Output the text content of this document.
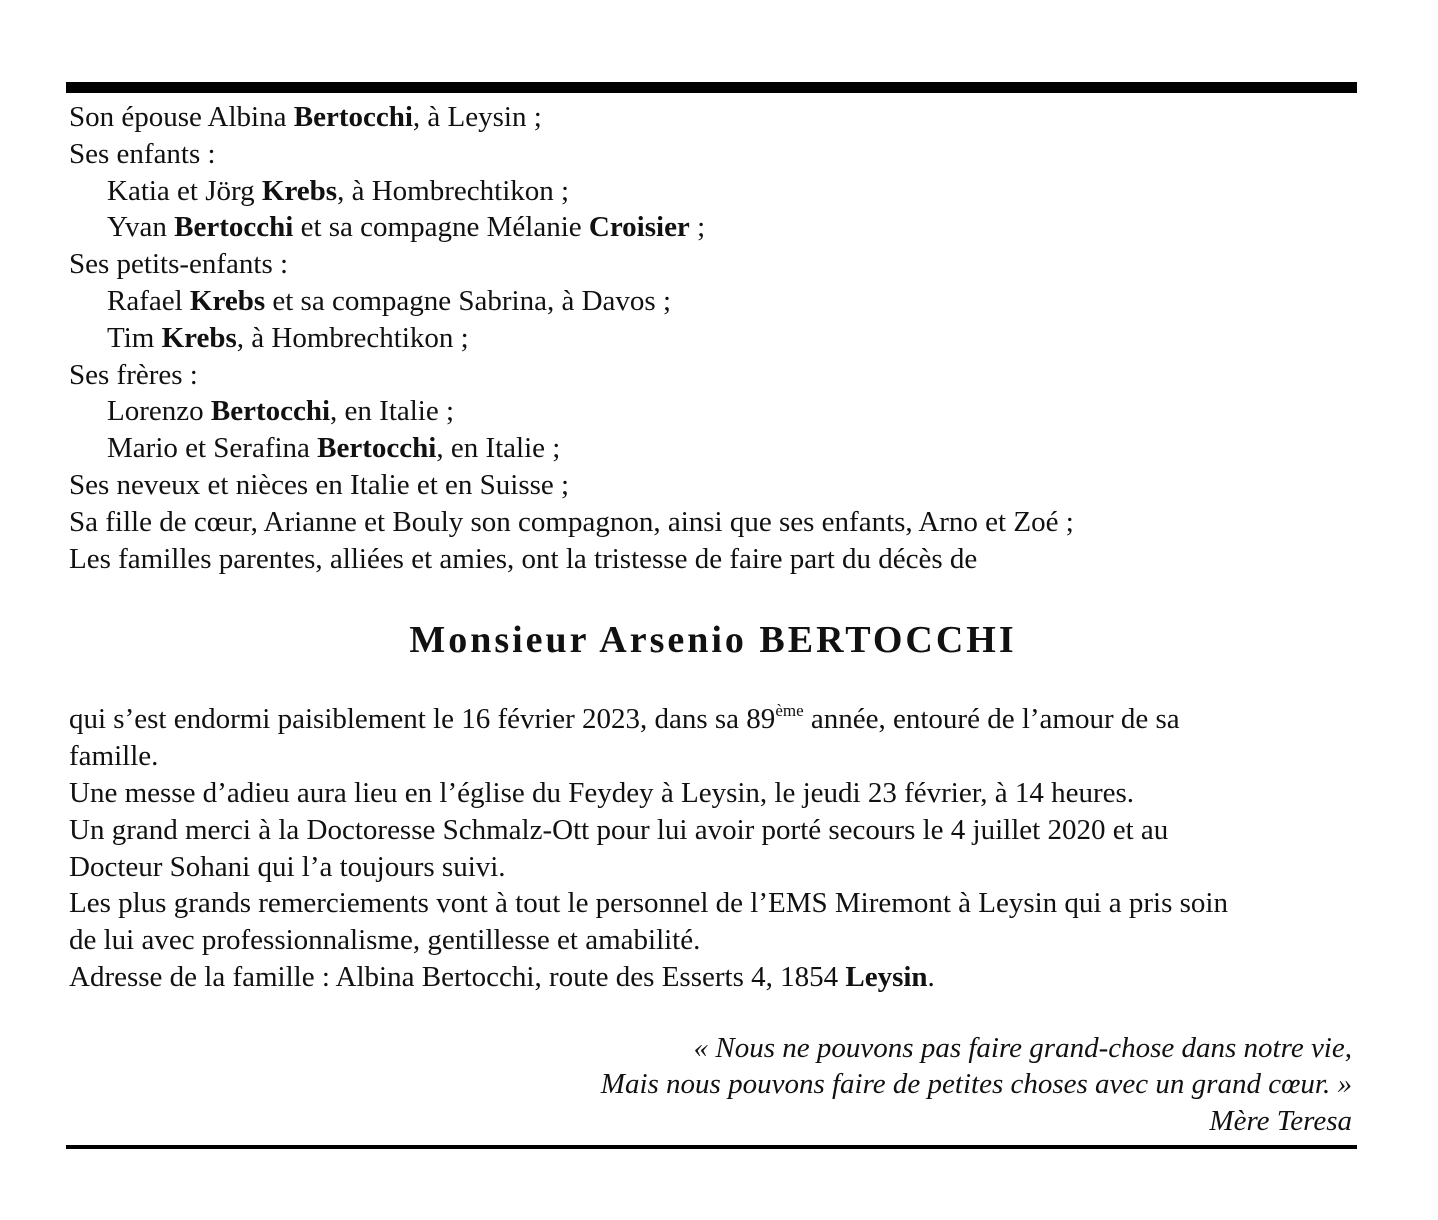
Son épouse Albina Bertocchi, à Leysin ;
Ses enfants :
Katia et Jörg Krebs, à Hombrechtikon ;
Yvan Bertocchi et sa compagne Mélanie Croisier ;
Ses petits-enfants :
Rafael Krebs et sa compagne Sabrina, à Davos ;
Tim Krebs, à Hombrechtikon ;
Ses frères :
Lorenzo Bertocchi, en Italie ;
Mario et Serafina Bertocchi, en Italie ;
Ses neveux et nièces en Italie et en Suisse ;
Sa fille de cœur, Arianne et Bouly son compagnon, ainsi que ses enfants, Arno et Zoé ;
Les familles parentes, alliées et amies, ont la tristesse de faire part du décès de
Monsieur Arsenio BERTOCCHI
qui s’est endormi paisiblement le 16 février 2023, dans sa 89ème année, entouré de l’amour de sa
famille.
Une messe d’adieu aura lieu en l’église du Feydey à Leysin, le jeudi 23 février, à 14 heures.
Un grand merci à la Doctoresse Schmalz-Ott pour lui avoir porté secours le 4 juillet 2020 et au
Docteur Sohani qui l’a toujours suivi.
Les plus grands remerciements vont à tout le personnel de l’EMS Miremont à Leysin qui a pris soin
de lui avec professionnalisme, gentillesse et amabilité.
Adresse de la famille : Albina Bertocchi, route des Esserts 4, 1854 Leysin.
« Nous ne pouvons pas faire grand-chose dans notre vie,
Mais nous pouvons faire de petites choses avec un grand cœur. »
Mère Teresa
